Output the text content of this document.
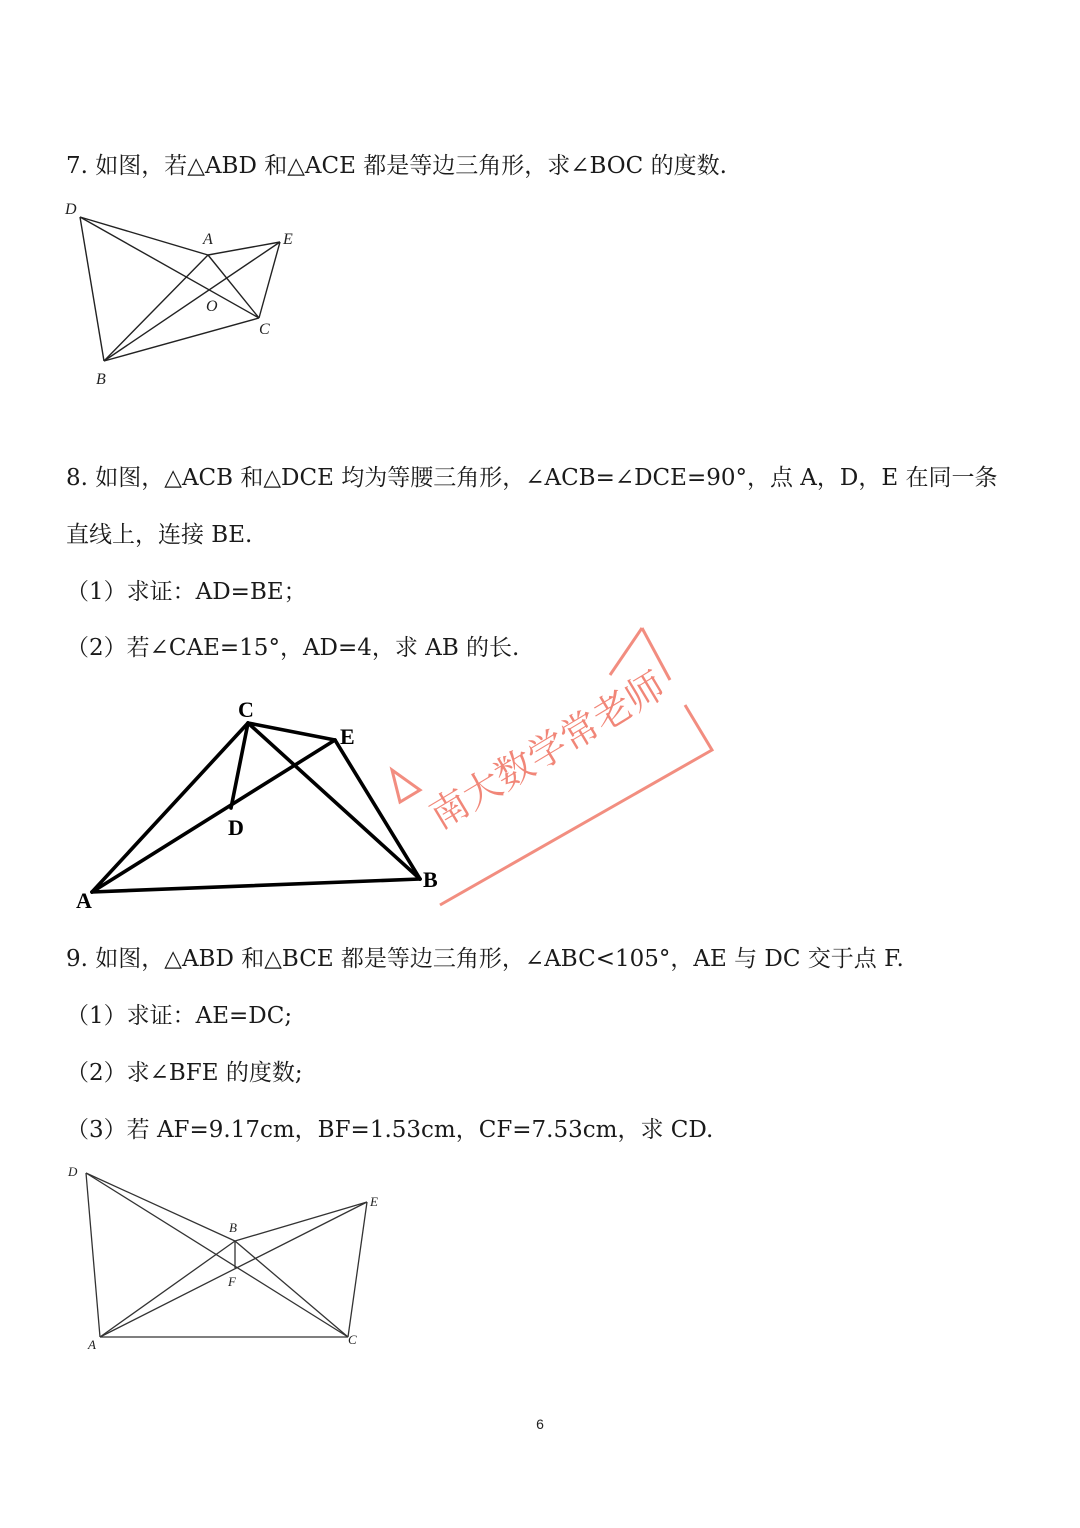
7. 如图，若△ABD 和△ACE 都是等边三角形，求∠BOC 的度数.
D
A	E
O
C
B
8. 如图，△ACB 和△DCE 均为等腰三角形，∠ACB=∠DCE=90°，点 A，D，E 在同一条
直线上，连接 BE.
（1）求证：AD=BE；
（2）若∠CAE=15°，AD=4，求 AB 的长.
C
E
D
A
B
南大数学常老师
9. 如图，△ABD 和△BCE 都是等边三角形，∠ABC<105°，AE 与 DC 交于点 F.
（1）求证：AE=DC;
（2）求∠BFE 的度数;
（3）若 AF=9.17cm，BF=1.53cm，CF=7.53cm，求 CD.
D
B
E
F
A	C
6
